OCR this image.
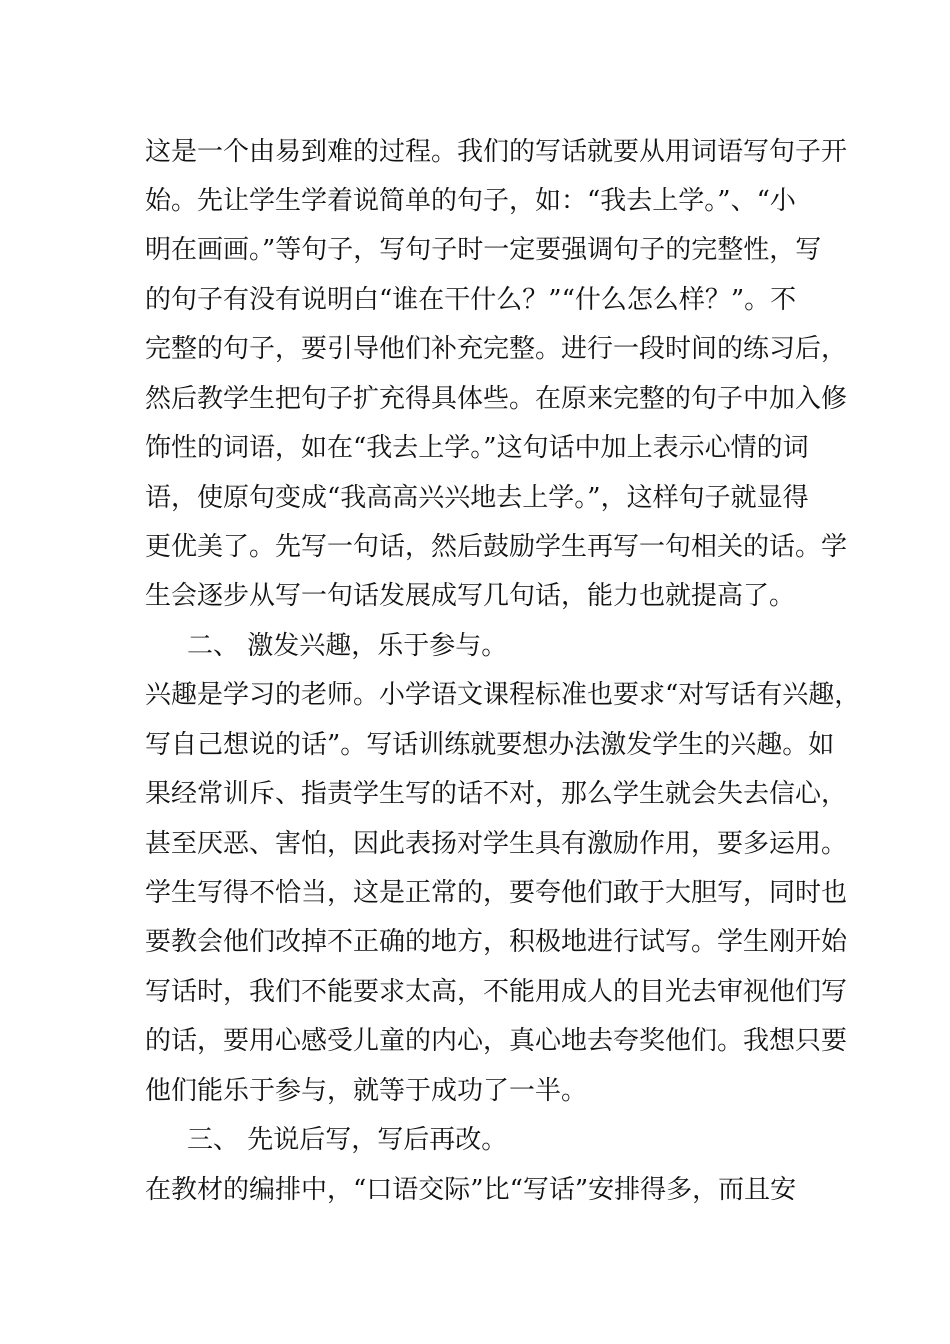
这是一个由易到难的过程。我们的写话就要从用词语写句子开
始。先让学生学着说简单的句子，如：“我去上学。”、“小
明在画画。”等句子，写句子时一定要强调句子的完整性，写
的句子有没有说明白“谁在干什么？”“什么怎么样？”。不
完整的句子，要引导他们补充完整。进行一段时间的练习后，
然后教学生把句子扩充得具体些。在原来完整的句子中加入修
饰性的词语，如在“我去上学。”这句话中加上表示心情的词
语，使原句变成“我高高兴兴地去上学。”，这样句子就显得
更优美了。先写一句话，然后鼓励学生再写一句相关的话。学
生会逐步从写一句话发展成写几句话，能力也就提高了。
二、 激发兴趣，乐于参与。
兴趣是学习的老师。小学语文课程标准也要求“对写话有兴趣，
写自己想说的话”。写话训练就要想办法激发学生的兴趣。如
果经常训斥、指责学生写的话不对，那么学生就会失去信心，
甚至厌恶、害怕，因此表扬对学生具有激励作用，要多运用。
学生写得不恰当，这是正常的，要夸他们敢于大胆写，同时也
要教会他们改掉不正确的地方，积极地进行试写。学生刚开始
写话时，我们不能要求太高，不能用成人的目光去审视他们写
的话，要用心感受儿童的内心，真心地去夸奖他们。我想只要
他们能乐于参与，就等于成功了一半。
三、 先说后写，写后再改。
在教材的编排中，“口语交际”比“写话”安排得多，而且安
